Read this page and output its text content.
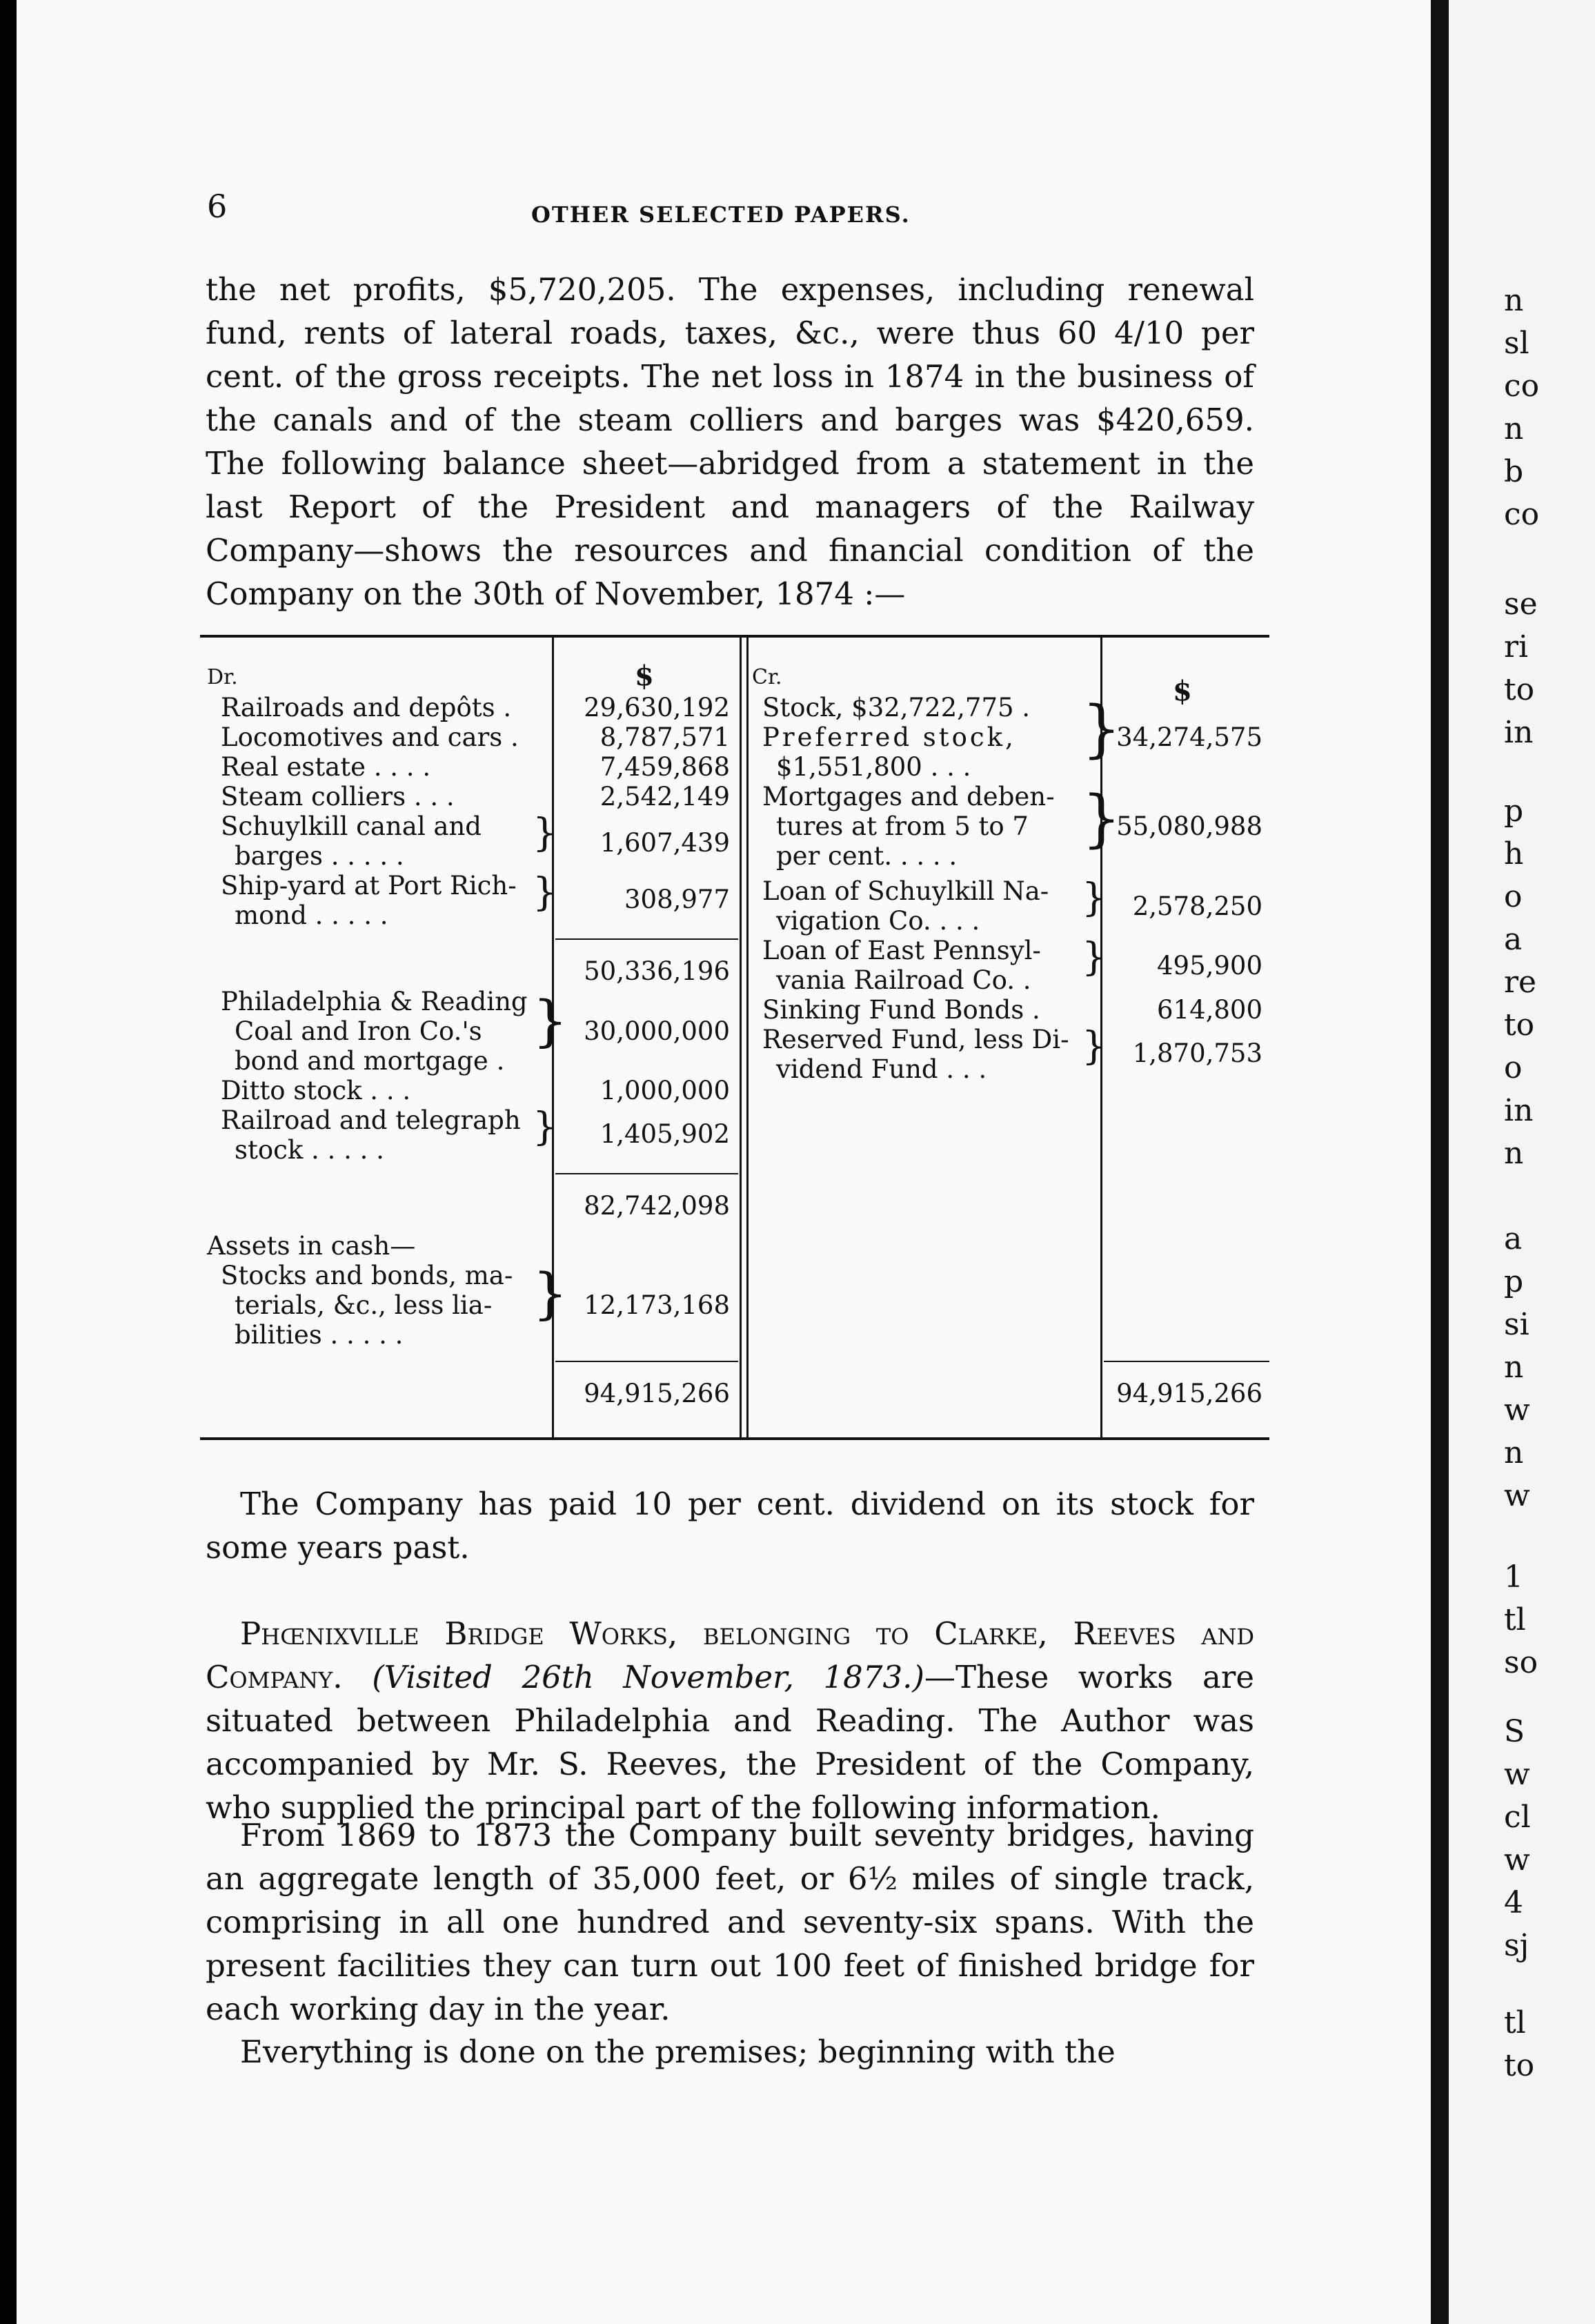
n
sl
co
n
b
co
se
ri
to
in
p
h
o
a
re
to
o
in
n
a
p
si
n
w
n
w
1
tl
so
S
w
cl
w
4
sj
tl
to
6	OTHER SELECTED PAPERS.

the net profits, $5,720,205. The expenses, including renewal fund, rents of lateral roads, taxes, &c., were thus 60 4/10 per cent. of the gross receipts. The net loss in 1874 in the business of the canals and of the steam colliers and barges was $420,659. The following balance sheet—abridged from a statement in the last Report of the President and managers of the Railway Company—shows the resources and financial condition of the Company on the 30th of November, 1874 :—

Dr.	$
Railroads and depôts .	29,630,192
Locomotives and cars .	8,787,571
Real estate . . . .	7,459,868
Steam colliers . . .	2,542,149
Schuylkill canal and
barges . . . . .
}	1,607,439
Ship-yard at Port Rich-
mond . . . . .
}	308,977
50,336,196
Philadelphia & Reading
Coal and Iron Co.'s
bond and mortgage .
} 30,000,000
Ditto stock . . .	1,000,000
Railroad and telegraph
stock . . . . .
}	1,405,902
82,742,098
Assets in cash—
Stocks and bonds, ma-
terials, &c., less lia-
bilities . . . . .
} 12,173,168
94,915,266
Cr.	$
Stock, $32,722,775 .
Preferred stock,
$1,551,800 . . .
}
34,274,575
Mortgages and deben-
tures at from 5 to 7
per cent. . . . .
}
55,080,988
Loan of Schuylkill Na-
vigation Co. . . .
}	2,578,250
Loan of East Pennsyl-
vania Railroad Co. .
}	495,900
Sinking Fund Bonds .	614,800
Reserved Fund, less Di-
vidend Fund . . .
}	1,870,753
94,915,266

The Company has paid 10 per cent. dividend on its stock for some years past.

Phœnixville Bridge Works, belonging to Clarke, Reeves and Company. (Visited 26th November, 1873.)—These works are situated between Philadelphia and Reading. The Author was accompanied by Mr. S. Reeves, the President of the Company, who supplied the principal part of the following information.

From 1869 to 1873 the Company built seventy bridges, having an aggregate length of 35,000 feet, or 6½ miles of single track, comprising in all one hundred and seventy-six spans. With the present facilities they can turn out 100 feet of finished bridge for each working day in the year.

Everything is done on the premises; beginning with the
